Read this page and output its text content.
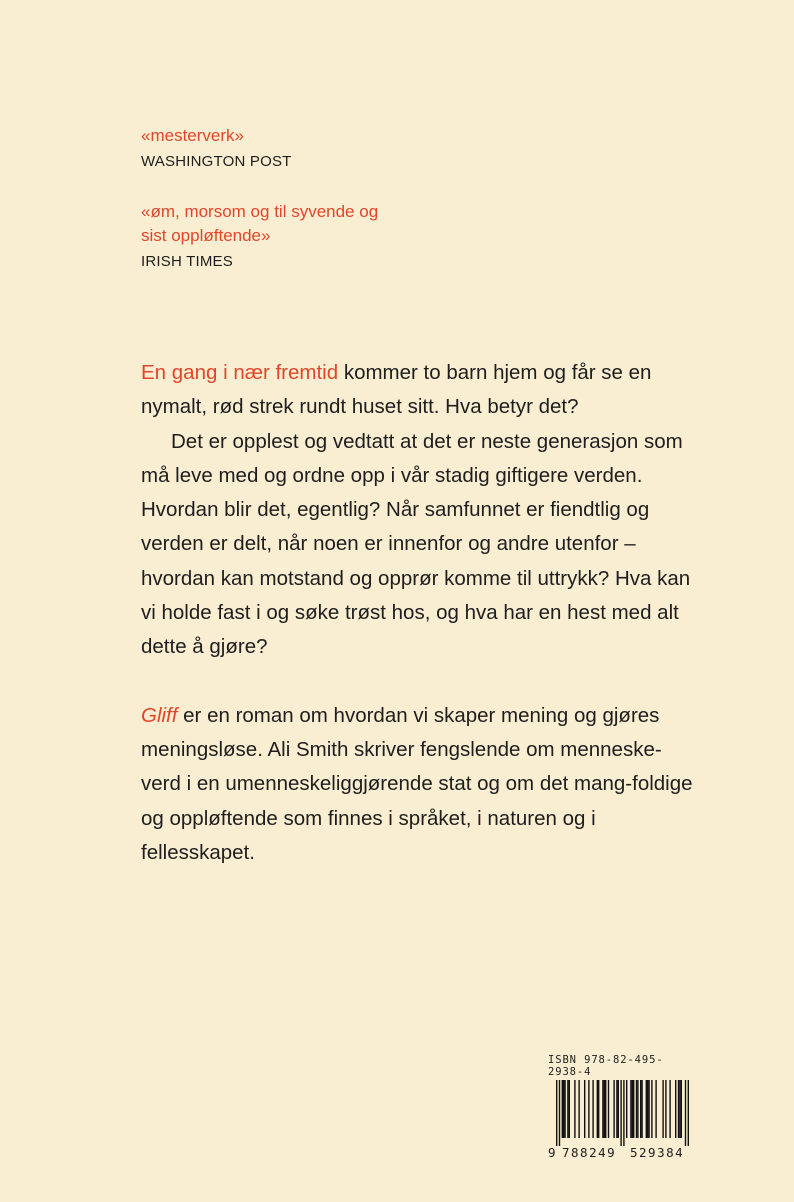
«mesterverk»
WASHINGTON POST
«øm, morsom og til syvende og sist oppløftende»
IRISH TIMES

En gang i nær fremtid kommer to barn hjem og får se en
nymalt, rød strek rundt huset sitt. Hva betyr det?

Det er opplest og vedtatt at det er neste generasjon som må leve med og ordne opp i vår stadig giftigere verden. Hvordan blir det, egentlig? Når samfunnet er fiendtlig og verden er delt, når noen er innenfor og andre utenfor – hvordan kan motstand og opprør komme til uttrykk? Hva kan vi holde fast i og søke trøst hos, og hva har en hest med alt dette å gjøre?

Gliff er en roman om hvordan vi skaper mening og gjøres meningsløse. Ali Smith skriver fengslende om menneske-verd i en umenneskeliggjørende stat og om det mang-foldige og oppløftende som finnes i språket, i naturen og i fellesskapet.

ISBN 978-82-495-2938-4
9 788249 529384
